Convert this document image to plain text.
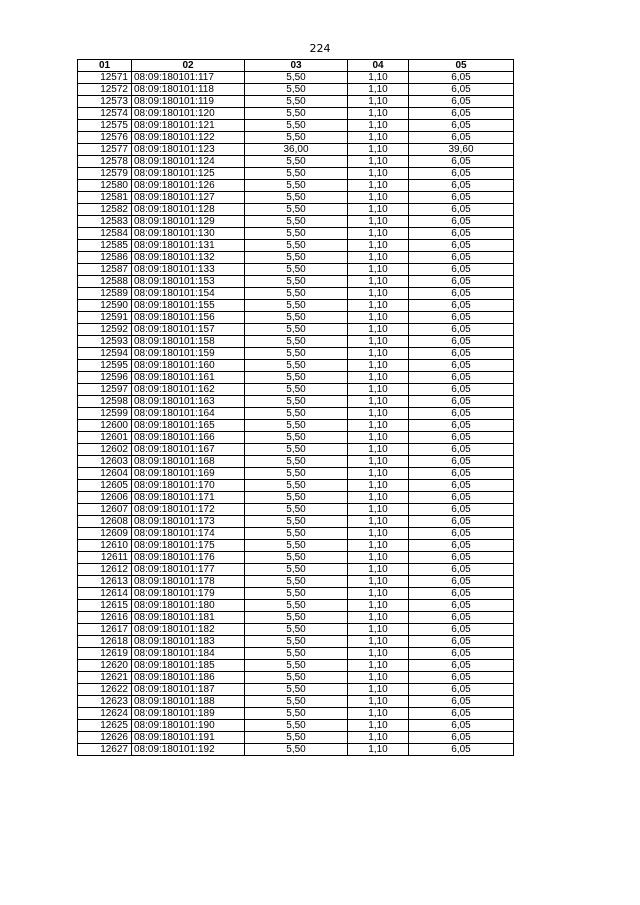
224
01	02	03	04	05
12571	08:09:180101:117	5,50	1,10	6,05
12572	08:09:180101:118	5,50	1,10	6,05
12573	08:09:180101:119	5,50	1,10	6,05
12574	08:09:180101:120	5,50	1,10	6,05
12575	08:09:180101:121	5,50	1,10	6,05
12576	08:09:180101:122	5,50	1,10	6,05
12577	08:09:180101:123	36,00	1,10	39,60
12578	08:09:180101:124	5,50	1,10	6,05
12579	08:09:180101:125	5,50	1,10	6,05
12580	08:09:180101:126	5,50	1,10	6,05
12581	08:09:180101:127	5,50	1,10	6,05
12582	08:09:180101:128	5,50	1,10	6,05
12583	08:09:180101:129	5,50	1,10	6,05
12584	08:09:180101:130	5,50	1,10	6,05
12585	08:09:180101:131	5,50	1,10	6,05
12586	08:09:180101:132	5,50	1,10	6,05
12587	08:09:180101:133	5,50	1,10	6,05
12588	08:09:180101:153	5,50	1,10	6,05
12589	08:09:180101:154	5,50	1,10	6,05
12590	08:09:180101:155	5,50	1,10	6,05
12591	08:09:180101:156	5,50	1,10	6,05
12592	08:09:180101:157	5,50	1,10	6,05
12593	08:09:180101:158	5,50	1,10	6,05
12594	08:09:180101:159	5,50	1,10	6,05
12595	08:09:180101:160	5,50	1,10	6,05
12596	08:09:180101:161	5,50	1,10	6,05
12597	08:09:180101:162	5,50	1,10	6,05
12598	08:09:180101:163	5,50	1,10	6,05
12599	08:09:180101:164	5,50	1,10	6,05
12600	08:09:180101:165	5,50	1,10	6,05
12601	08:09:180101:166	5,50	1,10	6,05
12602	08:09:180101:167	5,50	1,10	6,05
12603	08:09:180101:168	5,50	1,10	6,05
12604	08:09:180101:169	5,50	1,10	6,05
12605	08:09:180101:170	5,50	1,10	6,05
12606	08:09:180101:171	5,50	1,10	6,05
12607	08:09:180101:172	5,50	1,10	6,05
12608	08:09:180101:173	5,50	1,10	6,05
12609	08:09:180101:174	5,50	1,10	6,05
12610	08:09:180101:175	5,50	1,10	6,05
12611	08:09:180101:176	5,50	1,10	6,05
12612	08:09:180101:177	5,50	1,10	6,05
12613	08:09:180101:178	5,50	1,10	6,05
12614	08:09:180101:179	5,50	1,10	6,05
12615	08:09:180101:180	5,50	1,10	6,05
12616	08:09:180101:181	5,50	1,10	6,05
12617	08:09:180101:182	5,50	1,10	6,05
12618	08:09:180101:183	5,50	1,10	6,05
12619	08:09:180101:184	5,50	1,10	6,05
12620	08:09:180101:185	5,50	1,10	6,05
12621	08:09:180101:186	5,50	1,10	6,05
12622	08:09:180101:187	5,50	1,10	6,05
12623	08:09:180101:188	5,50	1,10	6,05
12624	08:09:180101:189	5,50	1,10	6,05
12625	08:09:180101:190	5,50	1,10	6,05
12626	08:09:180101:191	5,50	1,10	6,05
12627	08:09:180101:192	5,50	1,10	6,05
